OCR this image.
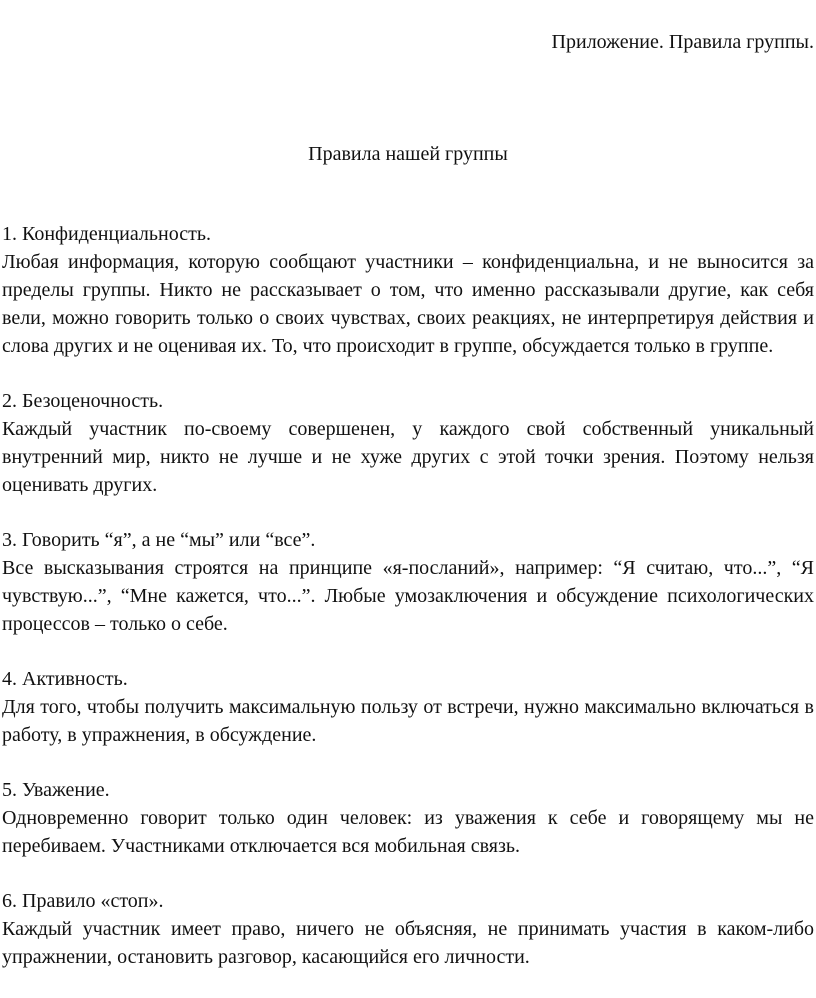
Приложение. Правила группы.
Правила нашей группы

1. Конфиденциальность.

Любая информация, которую сообщают участники – конфиденциальна, и не выносится за пределы группы. Никто не рассказывает о том, что именно рассказывали другие, как себя вели, можно говорить только о своих чувствах, своих реакциях, не интерпретируя действия и слова других и не оценивая их. То, что происходит в группе, обсуждается только в группе.

2. Безоценочность.

Каждый участник по-своему совершенен, у каждого свой собственный уникальный внутренний мир, никто не лучше и не хуже других с этой точки зрения. Поэтому нельзя оценивать других.

3. Говорить “я”, а не “мы” или “все”.

Все высказывания строятся на принципе «я-посланий», например: “Я считаю, что...”, “Я чувствую...”, “Мне кажется, что...”. Любые умозаключения и обсуждение психологических процессов – только о себе.

4. Активность.

Для того, чтобы получить максимальную пользу от встречи, нужно максимально включаться в работу, в упражнения, в обсуждение.

5. Уважение.

Одновременно говорит только один человек: из уважения к себе и говорящему мы не перебиваем. Участниками отключается вся мобильная связь.

6. Правило «стоп».

Каждый участник имеет право, ничего не объясняя, не принимать участия в каком-либо упражнении, остановить разговор, касающийся его личности.
